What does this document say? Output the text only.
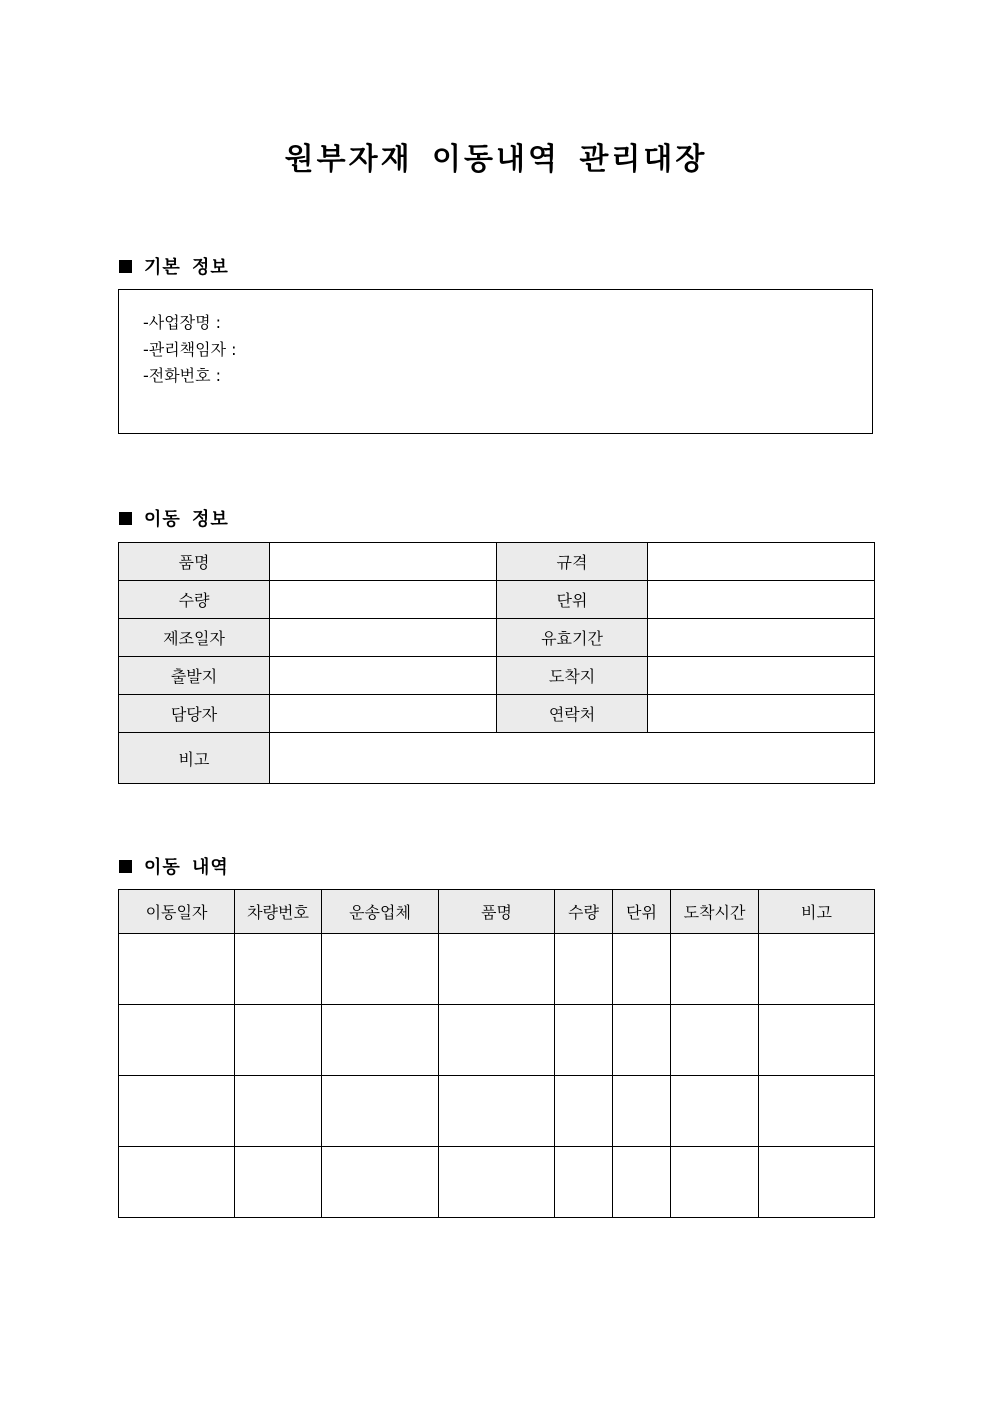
원부자재 이동내역 관리대장
기본 정보
-사업장명 :
-관리책임자 :
-전화번호 :
이동 정보
품명		규격	
수량		단위	
제조일자		유효기간	
출발지		도착지	
담당자		연락처	
비고			
이동 내역
이동일자	차량번호	운송업체	품명	수량	단위	도착시간	비고
